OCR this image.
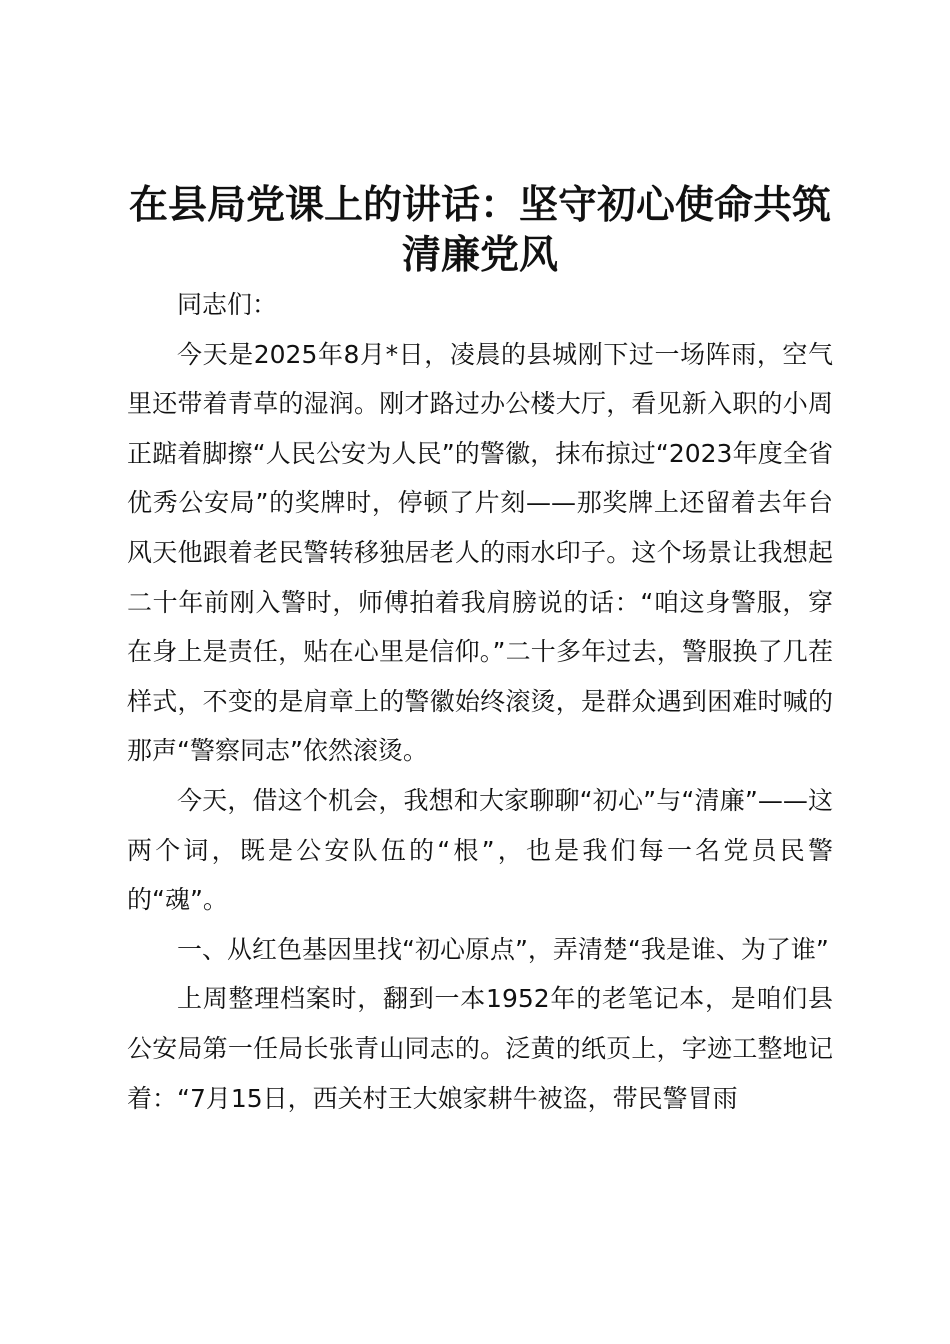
在县局党课上的讲话：坚守初心使命共筑清廉党风

同志们：

今天是2025年8月*日，凌晨的县城刚下过一场阵雨，空气里还带着青草的湿润。刚才路过办公楼大厅，看见新入职的小周正踮着脚擦“人民公安为人民”的警徽，抹布掠过“2023年度全省优秀公安局”的奖牌时，停顿了片刻——那奖牌上还留着去年台风天他跟着老民警转移独居老人的雨水印子。这个场景让我想起二十年前刚入警时，师傅拍着我肩膀说的话：“咱这身警服，穿在身上是责任，贴在心里是信仰。”二十多年过去，警服换了几茬样式，不变的是肩章上的警徽始终滚烫，是群众遇到困难时喊的那声“警察同志”依然滚烫。

今天，借这个机会，我想和大家聊聊“初心”与“清廉”——这两个词，既是公安队伍的“根”，也是我们每一名党员民警的“魂”。

一、从红色基因里找“初心原点”，弄清楚“我是谁、为了谁”

上周整理档案时，翻到一本1952年的老笔记本，是咱们县公安局第一任局长张青山同志的。泛黄的纸页上，字迹工整地记着：“7月15日，西关村王大娘家耕牛被盗，带民警冒雨
